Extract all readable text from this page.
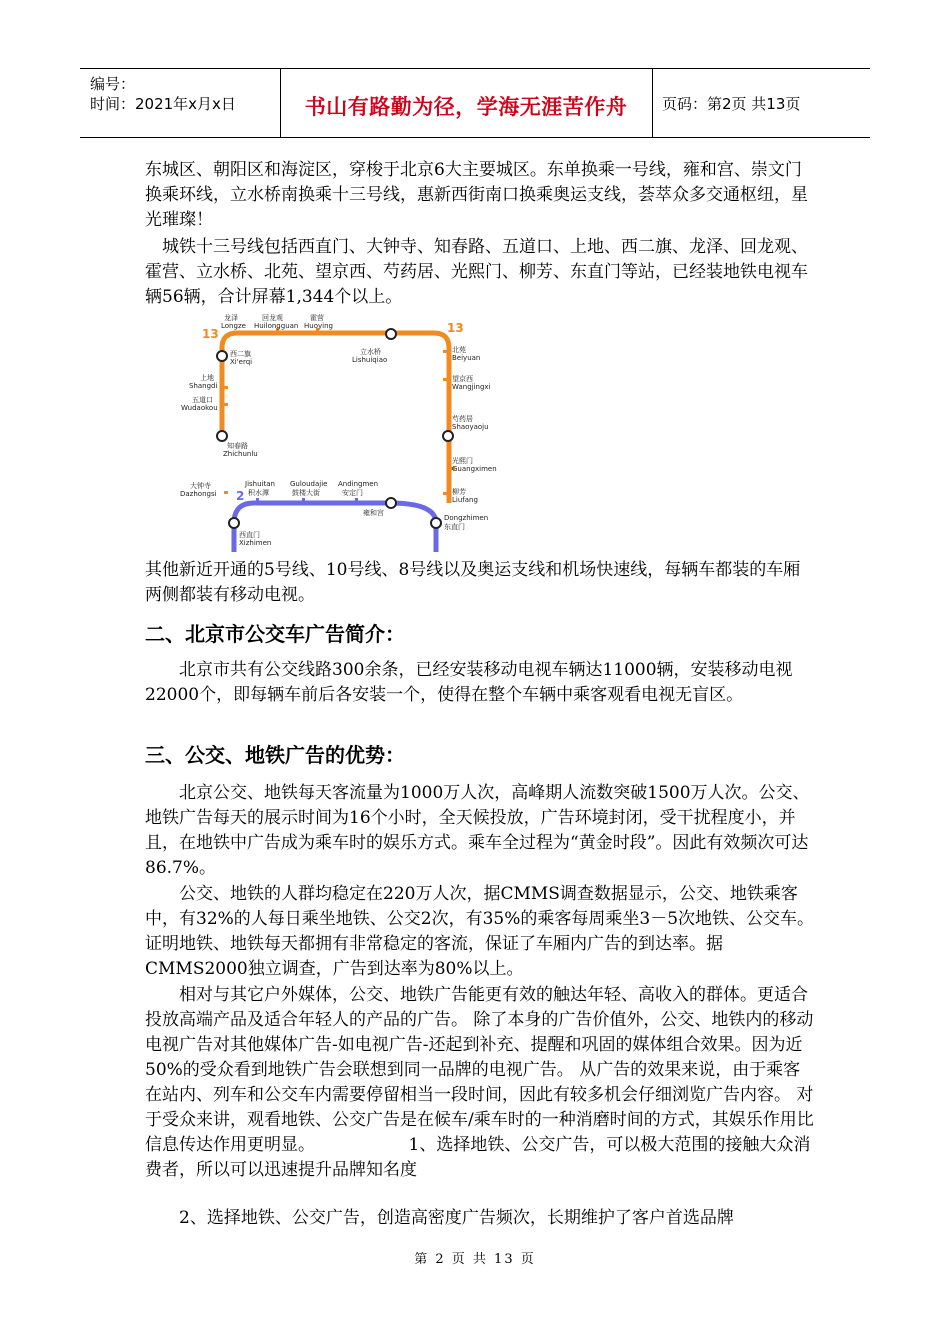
编号：
时间：2021年x月x日	书山有路勤为径，学海无涯苦作舟	页码：第2页 共13页

东城区、朝阳区和海淀区，穿梭于北京6大主要城区。东单换乘一号线，雍和宫、崇文门换乘环线，立水桥南换乘十三号线，惠新西街南口换乘奥运支线，荟萃众多交通枢纽，星光璀璨！

城铁十三号线包括西直门、大钟寺、知春路、五道口、上地、西二旗、龙泽、回龙观、霍营、立水桥、北苑、望京西、芍药居、光熙门、柳芳、东直门等站，已经装地铁电视车辆56辆，合计屏幕1,344个以上。

13	13
2
龙泽
Longze
回龙观
Huilongguan
霍营
Huoying
西二旗
Xi'erqi
立水桥
Lishuiqiao
北苑
Beiyuan
上地
Shangdi
望京西
Wangjingxi
五道口
Wudaokou
芍药居
Shaoyaoju
知春路
Zhichunlu
光熙门
Guangximen
大钟寺
Dazhongsi
Jishuitan
积水潭
Guloudajie
鼓楼大街
Andingmen
安定门	柳芳
Liufang
雍和宫
西直门
Xizhimen
Dongzhimen
东直门

其他新近开通的5号线、10号线、8号线以及奥运支线和机场快速线，每辆车都装的车厢两侧都装有移动电视。

二、北京市公交车广告简介：

北京市共有公交线路300余条，已经安装移动电视车辆达11000辆，安装移动电视22000个，即每辆车前后各安装一个，使得在整个车辆中乘客观看电视无盲区。

三、公交、地铁广告的优势：

北京公交、地铁每天客流量为1000万人次，高峰期人流数突破1500万人次。公交、地铁广告每天的展示时间为16个小时，全天候投放，广告环境封闭，受干扰程度小，并且，在地铁中广告成为乘车时的娱乐方式。乘车全过程为“黄金时段”。因此有效频次可达86.7%。

公交、地铁的人群均稳定在220万人次，据CMMS调查数据显示，公交、地铁乘客中，有32%的人每日乘坐地铁、公交2次，有35%的乘客每周乘坐3－5次地铁、公交车。证明地铁、地铁每天都拥有非常稳定的客流，保证了车厢内广告的到达率。据CMMS2000独立调查，广告到达率为80%以上。

相对与其它户外媒体，公交、地铁广告能更有效的触达年轻、高收入的群体。更适合投放高端产品及适合年轻人的产品的广告。 除了本身的广告价值外，公交、地铁内的移动电视广告对其他媒体广告-如电视广告-还起到补充、提醒和巩固的媒体组合效果。因为近50%的受众看到地铁广告会联想到同一品牌的电视广告。 从广告的效果来说，由于乘客在站内、列车和公交车内需要停留相当一段时间，因此有较多机会仔细浏览广告内容。 对于受众来讲，观看地铁、公交广告是在候车/乘车时的一种消磨时间的方式，其娱乐作用比信息传达作用更明显。　　　　　　1、选择地铁、公交广告，可以极大范围的接触大众消费者，所以可以迅速提升品牌知名度

2、选择地铁、公交广告，创造高密度广告频次，长期维护了客户首选品牌

第 2 页 共 13 页
